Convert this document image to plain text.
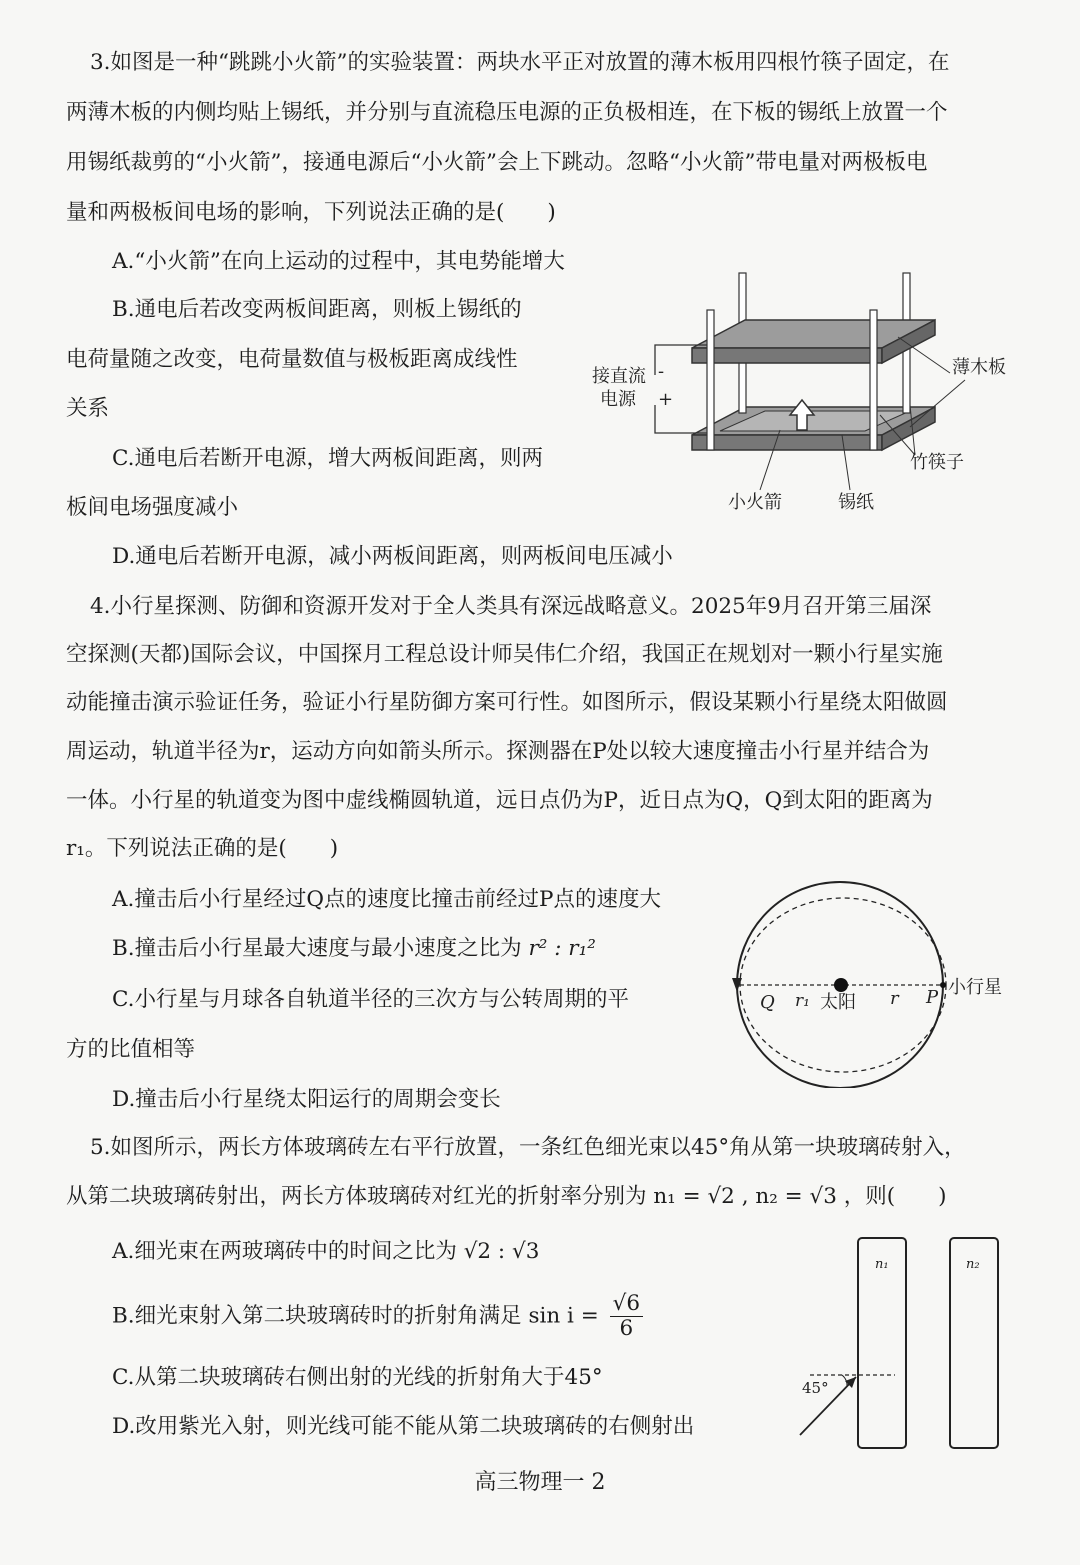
3.如图是一种“跳跳小火箭”的实验装置：两块水平正对放置的薄木板用四根竹筷子固定，在
两薄木板的内侧均贴上锡纸，并分别与直流稳压电源的正负极相连，在下板的锡纸上放置一个
用锡纸裁剪的“小火箭”，接通电源后“小火箭”会上下跳动。忽略“小火箭”带电量对两极板电
量和两极板间电场的影响，下列说法正确的是(　　)
A.“小火箭”在向上运动的过程中，其电势能增大
B.通电后若改变两板间距离，则板上锡纸的
电荷量随之改变，电荷量数值与极板距离成线性
关系
C.通电后若断开电源，增大两板间距离，则两
板间电场强度减小
D.通电后若断开电源，减小两板间距离，则两板间电压减小
接直流
电源
-
+
薄木板
竹筷子
小火箭	锡纸
4.小行星探测、防御和资源开发对于全人类具有深远战略意义。2025年9月召开第三届深
空探测(天都)国际会议，中国探月工程总设计师吴伟仁介绍，我国正在规划对一颗小行星实施
动能撞击演示验证任务，验证小行星防御方案可行性。如图所示，假设某颗小行星绕太阳做圆
周运动，轨道半径为r，运动方向如箭头所示。探测器在P处以较大速度撞击小行星并结合为
一体。小行星的轨道变为图中虚线椭圆轨道，远日点仍为P，近日点为Q，Q到太阳的距离为
r₁。下列说法正确的是(　　)
A.撞击后小行星经过Q点的速度比撞击前经过P点的速度大
B.撞击后小行星最大速度与最小速度之比为 r² : r₁²
C.小行星与月球各自轨道半径的三次方与公转周期的平
方的比值相等
D.撞击后小行星绕太阳运行的周期会变长
Q r₁ 太阳 r P 小行星
5.如图所示，两长方体玻璃砖左右平行放置，一条红色细光束以45°角从第一块玻璃砖射入，
从第二块玻璃砖射出，两长方体玻璃砖对红光的折射率分别为 n₁ = √2 , n₂ = √3 ，则(　　)
A.细光束在两玻璃砖中的时间之比为 √2 : √3
B.细光束射入第二块玻璃砖时的折射角满足 $\sin i = \frac{√6}{6}$
C.从第二块玻璃砖右侧出射的光线的折射角大于45°
D.改用紫光入射，则光线可能不能从第二块玻璃砖的右侧射出
n₁	n₂
45°
高三物理一 2
